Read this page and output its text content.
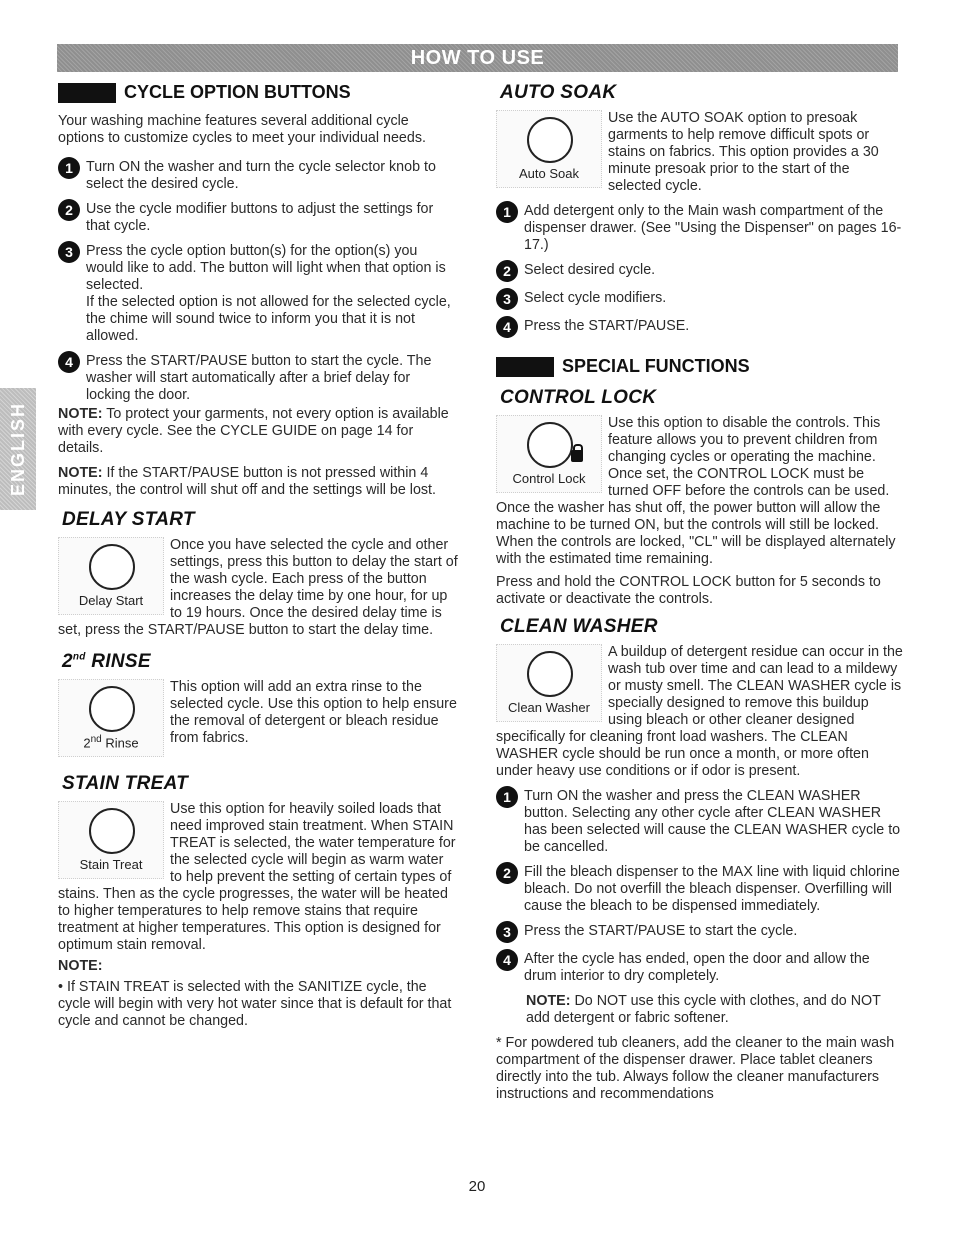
HOW TO USE
ENGLISH
CYCLE OPTION BUTTONS

Your washing machine features several additional cycle options to customize cycles to meet your individual needs.

1 Turn ON the washer and turn the cycle selector knob to select the desired cycle.
2 Use the cycle modifier buttons to adjust the settings for that cycle.
3 Press the cycle option button(s) for the option(s) you would like to add. The button will light when that option is selected.
If the selected option is not allowed for the selected cycle, the chime will sound twice to inform you that it is not allowed.
4 Press the START/PAUSE button to start the cycle. The washer will start automatically after a brief delay for locking the door.

NOTE: To protect your garments, not every option is available with every cycle. See the CYCLE GUIDE on page 14 for details.

NOTE: If the START/PAUSE button is not pressed within 4 minutes, the control will shut off and the settings will be lost.

DELAY START
Delay Start

Once you have selected the cycle and other settings, press this button to delay the start of the wash cycle. Each press of the button increases the delay time by one hour, for up to 19 hours. Once the desired delay time is set, press the START/PAUSE button to start the delay time.

2nd RINSE
2nd Rinse

This option will add an extra rinse to the selected cycle. Use this option to help ensure the removal of detergent or bleach residue from fabrics.

STAIN TREAT
Stain Treat

Use this option for heavily soiled loads that need improved stain treatment. When STAIN TREAT is selected, the water temperature for the selected cycle will begin as warm water to help prevent the setting of certain types of stains. Then as the cycle progresses, the water will be heated to higher temperatures to help remove stains that require treatment at higher temperatures. This option is designed for optimum stain removal.

NOTE:

• If STAIN TREAT is selected with the SANITIZE cycle, the cycle will begin with very hot water since that is default for that cycle and cannot be changed.

AUTO SOAK
Auto Soak

Use the AUTO SOAK option to presoak garments to help remove difficult spots or stains on fabrics. This option provides a 30 minute presoak prior to the start of the selected cycle.

1 Add detergent only to the Main wash compartment of the dispenser drawer. (See "Using the Dispenser" on pages 16-17.)
2 Select desired cycle.
3 Select cycle modifiers.
4 Press the START/PAUSE.
SPECIAL FUNCTIONS
CONTROL LOCK
Control Lock

Use this option to disable the controls. This feature allows you to prevent children from changing cycles or operating the machine. Once set, the CONTROL LOCK must be turned OFF before the controls can be used. Once the washer has shut off, the power button will allow the machine to be turned ON, but the controls will still be locked. When the controls are locked, "CL" will be displayed alternately with the estimated time remaining.

Press and hold the CONTROL LOCK button for 5 seconds to activate or deactivate the controls.

CLEAN WASHER
Clean Washer

A buildup of detergent residue can occur in the wash tub over time and can lead to a mildewy or musty smell. The CLEAN WASHER cycle is specially designed to remove this buildup using bleach or other cleaner designed specifically for cleaning front load washers. The CLEAN WASHER cycle should be run once a month, or more often under heavy use conditions or if odor is present.

1 Turn ON the washer and press the CLEAN WASHER button. Selecting any other cycle after CLEAN WASHER has been selected will cause the CLEAN WASHER cycle to be cancelled.
2 Fill the bleach dispenser to the MAX line with liquid chlorine bleach. Do not overfill the bleach dispenser. Overfilling will cause the bleach to be dispensed immediately.
3 Press the START/PAUSE to start the cycle.
4 After the cycle has ended, open the door and allow the drum interior to dry completely.

NOTE: Do NOT use this cycle with clothes, and do NOT add detergent or fabric softener.

* For powdered tub cleaners, add the cleaner to the main wash compartment of the dispenser drawer. Place tablet cleaners directly into the tub. Always follow the cleaner manufacturers instructions and recommendations

20
